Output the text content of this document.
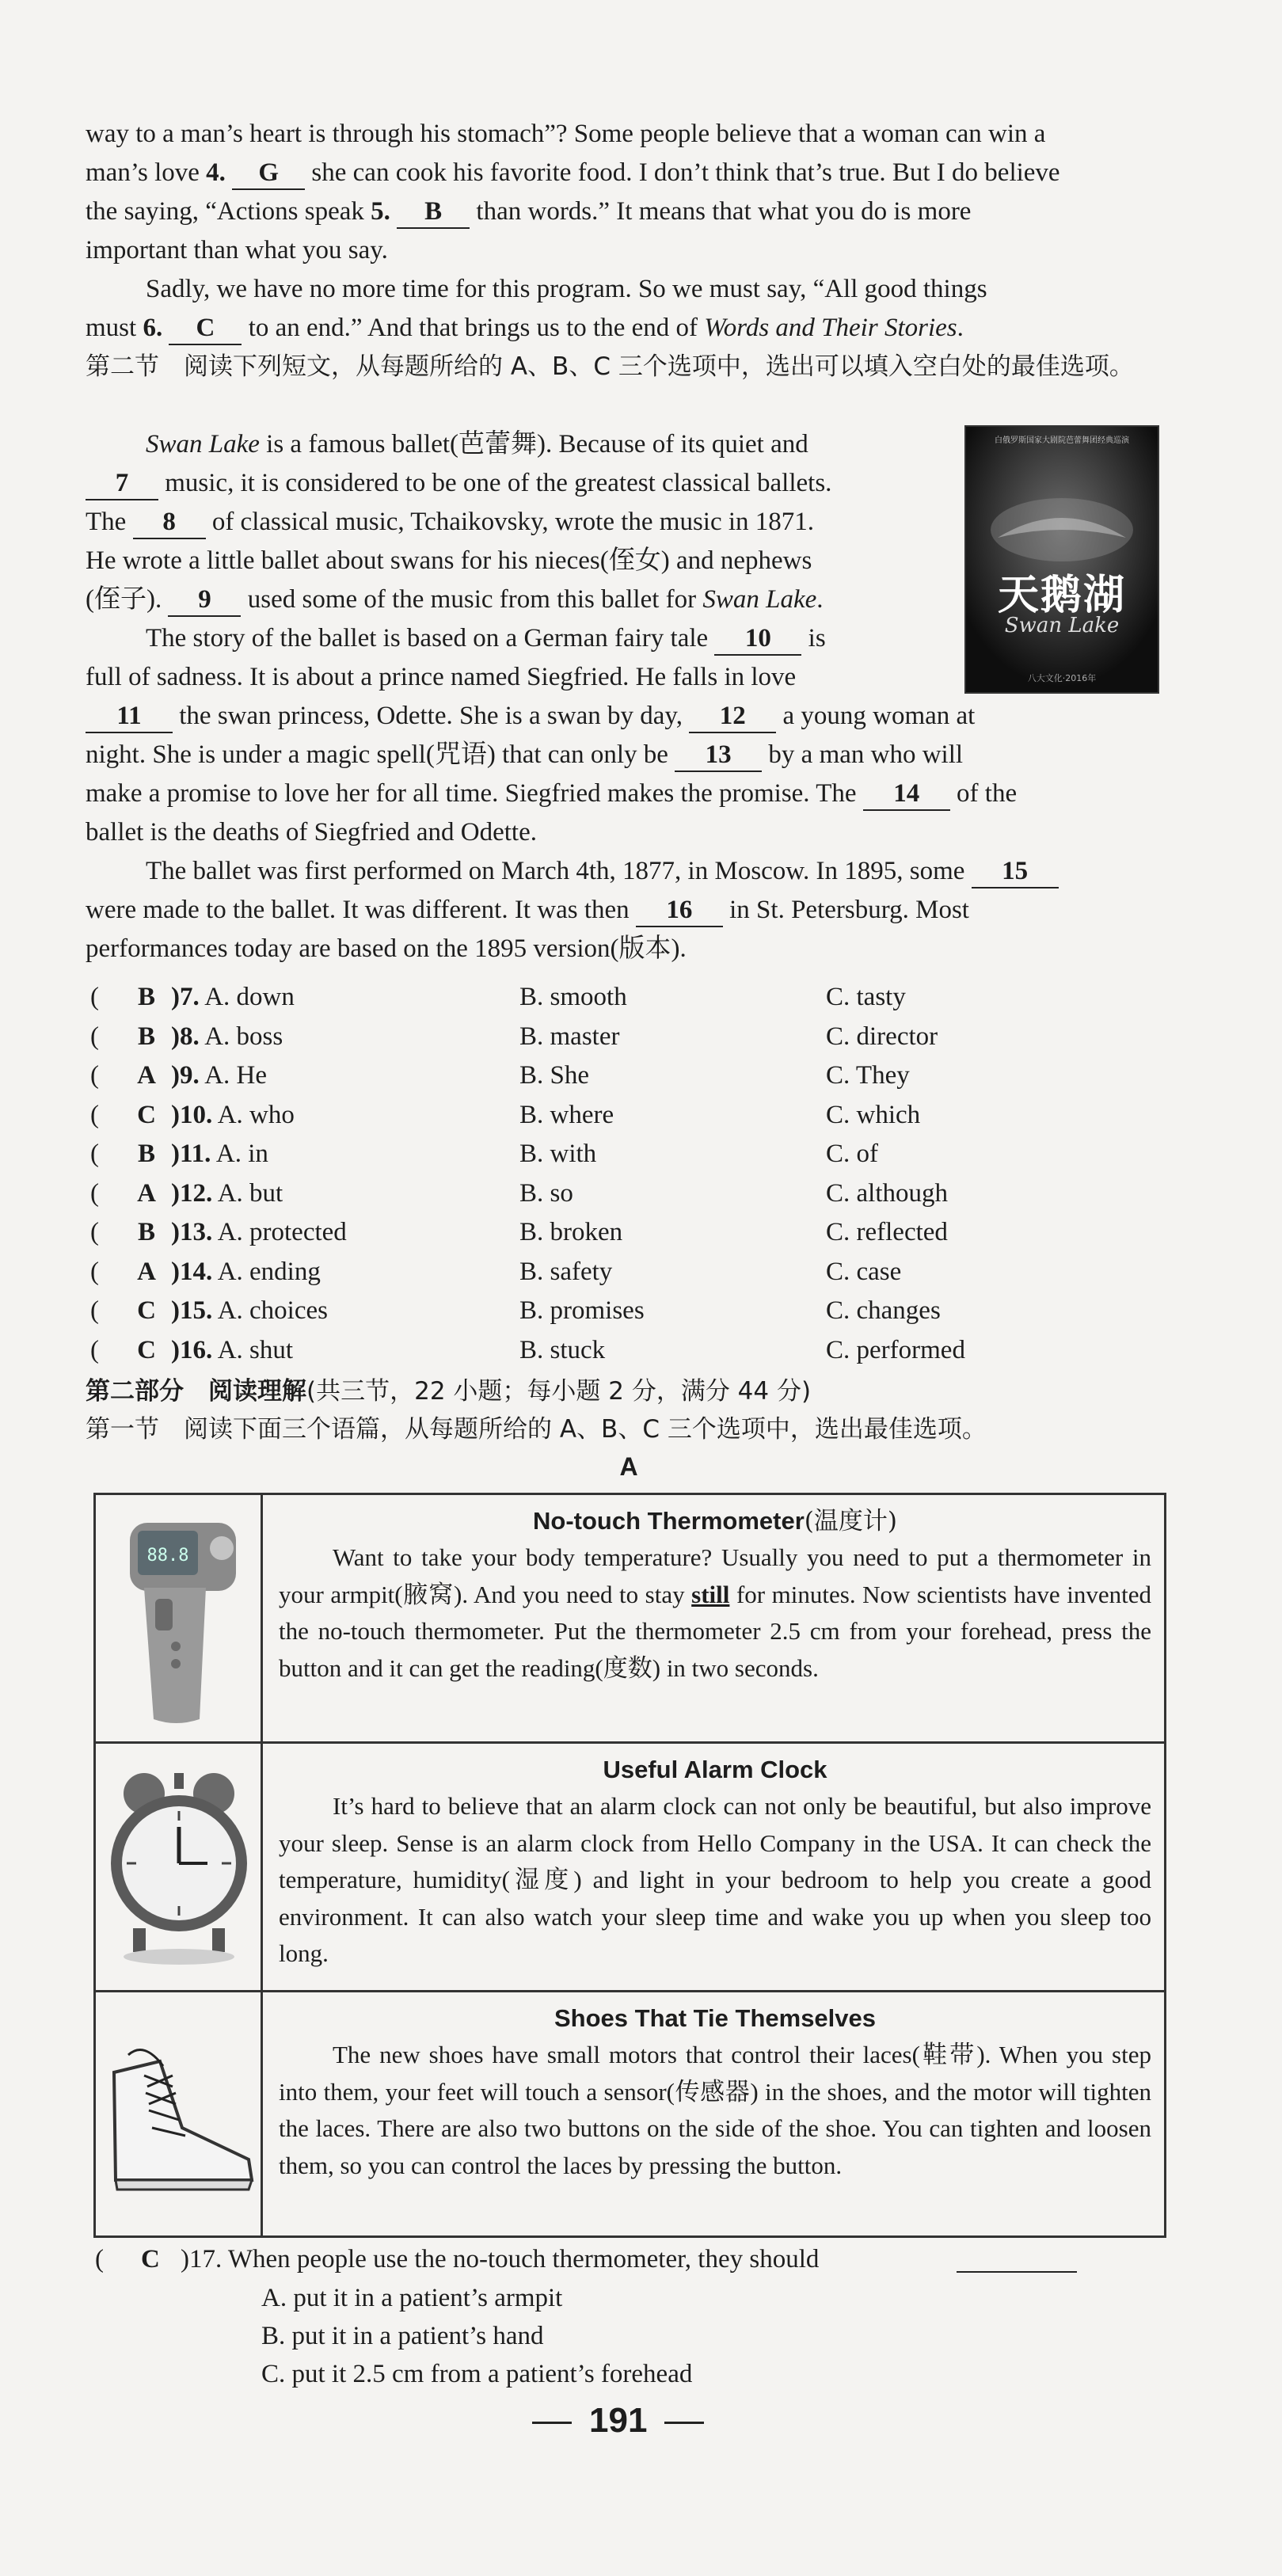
way to a man’s heart is through his stomach”? Some people believe that a woman can win a
man’s love 4. G she can cook his favorite food. I don’t think that’s true. But I do believe
the saying, “Actions speak 5. B than words.” It means that what you do is more
important than what you say.

Sadly, we have no more time for this program. So we must say, “All good things

must 6. C to an end.” And that brings us to the end of Words and Their Stories.

第二节　阅读下列短文，从每题所给的 A、B、C 三个选项中，选出可以填入空白处的最佳选项。

Swan Lake is a famous ballet(芭蕾舞). Because of its quiet and
7 music, it is considered to be one of the greatest classical ballets.
The 8 of classical music, Tchaikovsky, wrote the music in 1871.
He wrote a little ballet about swans for his nieces(侄女) and nephews
(侄子). 9 used some of the music from this ballet for Swan Lake.
The story of the ballet is based on a German fairy tale 10 is
full of sadness. It is about a prince named Siegfried. He falls in love

11 the swan princess, Odette. She is a swan by day, 12 a young woman at
night. She is under a magic spell(咒语) that can only be 13 by a man who will
make a promise to love her for all time. Siegfried makes the promise. The 14 of the
ballet is the deaths of Siegfried and Odette.
The ballet was first performed on March 4th, 1877, in Moscow. In 1895, some 15
were made to the ballet. It was different. It was then 16 in St. Petersburg. Most
performances today are based on the 1895 version(版本).

白俄罗斯国家大剧院芭蕾舞团经典巡演
天鹅湖
Swan Lake
八大文化·2016年
(	B )7. A. down	B. smooth	C. tasty
(	B )8. A. boss	B. master	C. director
(	A )9. A. He	B. She	C. They
(	C )10. A. who	B. where	C. which
(	B )11. A. in	B. with	C. of
(	A )12. A. but	B. so	C. although
(	B )13. A. protected	B. broken	C. reflected
(	A )14. A. ending	B. safety	C. case
(	C )15. A. choices	B. promises	C. changes
(	C )16. A. shut	B. stuck	C. performed
第二部分　阅读理解(共三节，22 小题；每小题 2 分，满分 44 分)
第一节　阅读下面三个语篇，从每题所给的 A、B、C 三个选项中，选出最佳选项。
A
88.8	No-touch Thermometer(温度计)

Want to take your body temperature? Usually you need to put a thermometer in your armpit(腋窝). And you need to stay still for minutes. Now scientists have invented the no-touch thermometer. Put the thermometer 2.5 cm from your forehead, press the button and it can get the reading(度数) in two seconds.

Useful Alarm Clock

It’s hard to believe that an alarm clock can not only be beautiful, but also improve your sleep. Sense is an alarm clock from Hello Company in the USA. It can check the temperature, humidity(湿度) and light in your bedroom to help you create a good environment. It can also watch your sleep time and wake you up when you sleep too long.

Shoes That Tie Themselves

The new shoes have small motors that control their laces(鞋带). When you step into them, your feet will touch a sensor(传感器) in the shoes, and the motor will tighten the laces. There are also two buttons on the side of the shoe. You can tighten and loosen them, so you can control the laces by pressing the button.

( C )17. When people use the no-touch thermometer, they should
A. put it in a patient’s armpit
B. put it in a patient’s hand
C. put it 2.5 cm from a patient’s forehead
191
